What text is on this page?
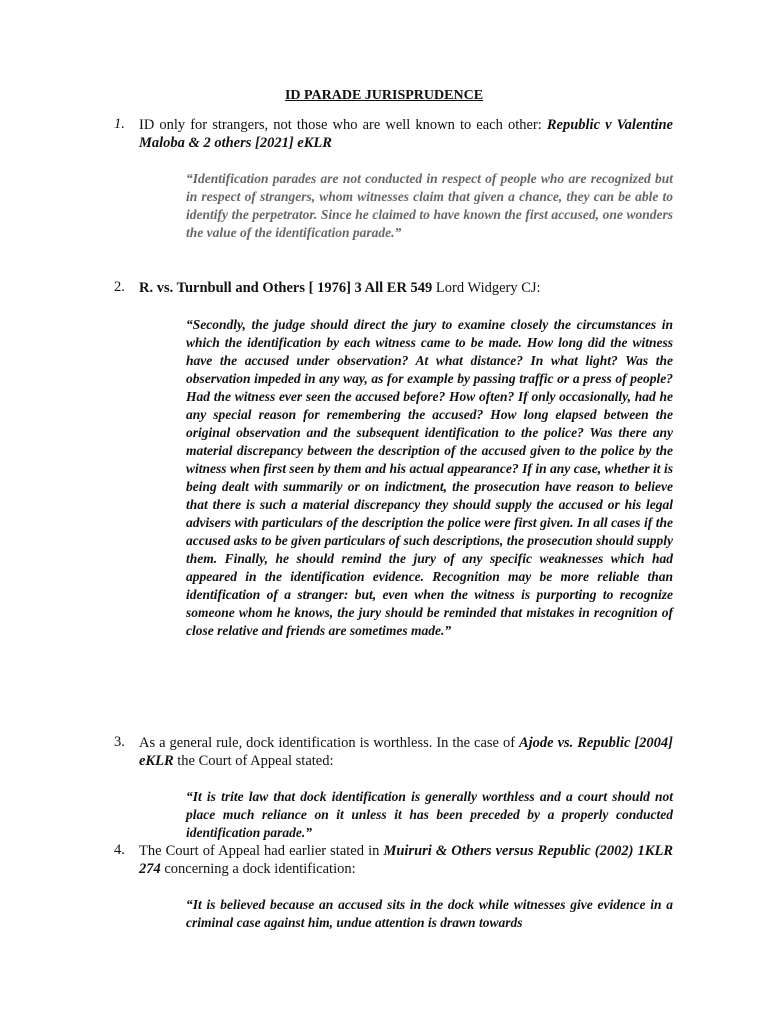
ID PARADE JURISPRUDENCE
1. ID only for strangers, not those who are well known to each other: Republic v Valentine Maloba & 2 others [2021] eKLR
“Identification parades are not conducted in respect of people who are recognized but in respect of strangers, whom witnesses claim that given a chance, they can be able to identify the perpetrator. Since he claimed to have known the first accused, one wonders the value of the identification parade.”
2. R. vs. Turnbull and Others [ 1976] 3 All ER 549 Lord Widgery CJ:
“Secondly, the judge should direct the jury to examine closely the circumstances in which the identification by each witness came to be made. How long did the witness have the accused under observation? At what distance? In what light? Was the observation impeded in any way, as for example by passing traffic or a press of people? Had the witness ever seen the accused before? How often? If only occasionally, had he any special reason for remembering the accused? How long elapsed between the original observation and the subsequent identification to the police? Was there any material discrepancy between the description of the accused given to the police by the witness when first seen by them and his actual appearance? If in any case, whether it is being dealt with summarily or on indictment, the prosecution have reason to believe that there is such a material discrepancy they should supply the accused or his legal advisers with particulars of the description the police were first given. In all cases if the accused asks to be given particulars of such descriptions, the prosecution should supply them. Finally, he should remind the jury of any specific weaknesses which had appeared in the identification evidence. Recognition may be more reliable than identification of a stranger: but, even when the witness is purporting to recognize someone whom he knows, the jury should be reminded that mistakes in recognition of close relative and friends are sometimes made.”
3. As a general rule, dock identification is worthless. In the case of Ajode vs. Republic [2004] eKLR the Court of Appeal stated:
“It is trite law that dock identification is generally worthless and a court should not place much reliance on it unless it has been preceded by a properly conducted identification parade.”
4. The Court of Appeal had earlier stated in Muiruri & Others versus Republic (2002) 1KLR 274 concerning a dock identification:
“It is believed because an accused sits in the dock while witnesses give evidence in a criminal case against him, undue attention is drawn towards
